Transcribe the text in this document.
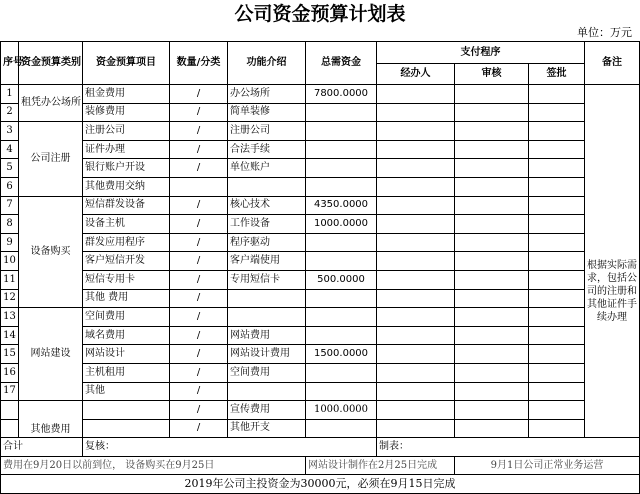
公司资金预算计划表
单位：万元
序号	资金预算类别	资金预算项目	数量/分类	功能介绍	总需资金	支付程序			备注	
						经办人	审核	签批		
1	租凭办公场所	租金费用	/	办公场所	7800.0000				根据实际需求，包括公司的注册和其他证件手续办理	

2		装修费用	/	简单装修						
3	公司注册	注册公司	/	注册公司						
4		证件办理	/	合法手续						
5		银行账户开设	/	单位账户						
6		其他费用交纳								
7	设备购买	短信群发设备	/	核心技术	4350.0000					
8		设备主机	/	工作设备	1000.0000					
9		群发应用程序	/	程序驱动						
10		客户短信开发	/	客户端使用						
11		短信专用卡	/	专用短信卡	500.0000					
12		其他 费用	/							
13	网站建设	空间费用	/							
14		域名费用	/	网站费用						
15		网站设计	/	网站设计费用	1500.0000					
16		主机租用	/	空间费用						
17		其他	/							
	其他费用		/	宣传费用	1000.0000					
			/	其他开支						
合计		复核：				制表：				
费用在9月20日以前到位， 设备购买在9月25日					网站设计制作在2月25日完成		9月1日公司正常业务运营			
2019年公司主投资金为30000元，必须在9月15日完成										
